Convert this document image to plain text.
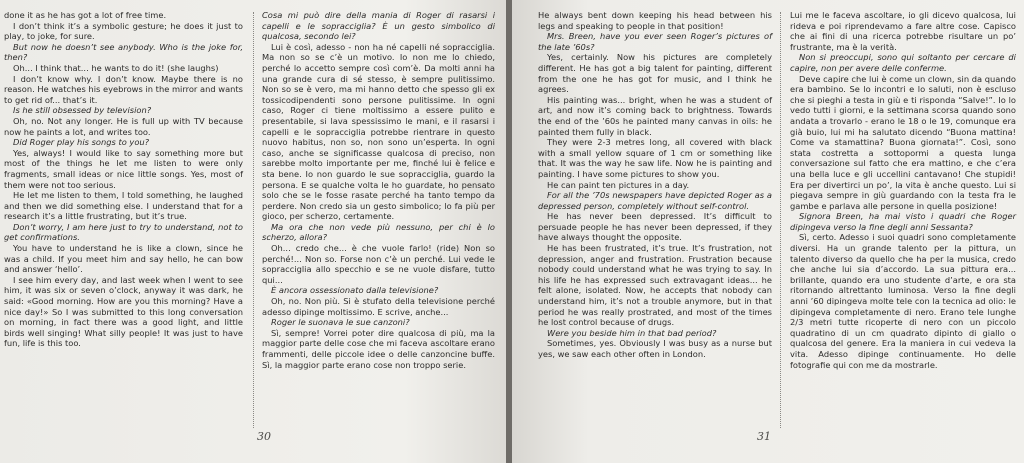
done it as he has got a lot of free time.

I don’t think it’s a symbolic gesture; he does it just to play, to joke, for sure.

But now he doesn’t see anybody. Who is the joke for, then?

Oh... I think that... he wants to do it! (she laughs)

I don’t know why. I don’t know. Maybe there is no reason. He watches his eyebrows in the mirror and wants to get rid of... that’s it.

Is he still obsessed by television?

Oh, no. Not any longer. He is full up with TV because now he paints a lot, and writes too.

Did Roger play his songs to you?

Yes, always! I would like to say something more but most of the things he let me listen to were only fragments, small ideas or nice little songs. Yes, most of them were not too serious.

He let me listen to them, I told something, he laughed and then we did something else. I understand that for a research it’s a little frustrating, but it’s true.

Don’t worry, I am here just to try to understand, not to get confirmations.

You have to understand he is like a clown, since he was a child. If you meet him and say hello, he can bow and answer ‘hello’.

I see him every day, and last week when I went to see him, it was six or seven o’clock, anyway it was dark, he said: «Good morning. How are you this morning? Have a nice day!» So I was submitted to this long conversation on morning, in fact there was a good light, and little birds well singing! What silly people! It was just to have fun, life is this too.

Cosa mi può dire della mania di Roger di rasarsi i capelli e le sopracciglia? È un gesto simbolico di qualcosa, secondo lei?

Lui è così, adesso - non ha né capelli né sopracciglia. Ma non so se c’è un motivo. Io non me lo chiedo, perché lo accetto sempre così com’è. Da molti anni ha una grande cura di sé stesso, è sempre pulitissimo. Non so se è vero, ma mi hanno detto che spesso gli ex tossicodipendenti sono persone pulitissime. In ogni caso, Roger ci tiene moltissimo a essere pulito e presentabile, si lava spessissimo le mani, e il rasarsi i capelli e le sopracciglia potrebbe rientrare in questo nuovo habitus, non so, non sono un’esperta. In ogni caso, anche se significasse qualcosa di preciso, non sarebbe molto importante per me, finché lui è felice e sta bene. Io non guardo le sue sopracciglia, guardo la persona. E se qualche volta le ho guardate, ho pensato solo che se le fosse rasate perché ha tanto tempo da perdere. Non credo sia un gesto simbolico; lo fa più per gioco, per scherzo, certamente.

Ma ora che non vede più nessuno, per chi è lo scherzo, allora?

Oh... credo che... è che vuole farlo! (ride) Non so perché!... Non so. Forse non c’è un perché. Lui vede le sopracciglia allo specchio e se ne vuole disfare, tutto qui...

È ancora ossessionato dalla televisione?

Oh, no. Non più. Si è stufato della televisione perché adesso dipinge moltissimo. E scrive, anche...

Roger le suonava le sue canzoni?

Sì, sempre! Vorrei poter dire qualcosa di più, ma la maggior parte delle cose che mi faceva ascoltare erano frammenti, delle piccole idee o delle canzoncine buffe. Sì, la maggior parte erano cose non troppo serie.

30

He always bent down keeping his head between his legs and speaking to people in that position!

Mrs. Breen, have you ever seen Roger’s pictures of the late ’60s?

Yes, certainly. Now his pictures are completely different. He has got a big talent for painting, different from the one he has got for music, and I think he agrees.

His painting was... bright, when he was a student of art, and now it’s coming back to brightness. Towards the end of the ’60s he painted many canvas in oils: he painted them fully in black.

They were 2-3 metres long, all covered with black with a small yellow square of 1 cm or something like that. It was the way he saw life. Now he is painting and painting. I have some pictures to show you.

He can paint ten pictures in a day.

For all the ’70s newspapers have depicted Roger as a depressed person, completely without self-control.

He has never been depressed. It’s difficult to persuade people he has never been depressed, if they have always thought the opposite.

He has been frustrated, it’s true. It’s frustration, not depression, anger and frustration. Frustration because nobody could understand what he was trying to say. In his life he has expressed such extravagant ideas... he felt alone, isolated. Now, he accepts that nobody can understand him, it’s not a trouble anymore, but in that period he was really prostrated, and most of the times he lost control because of drugs.

Were you beside him in that bad period?

Sometimes, yes. Obviously I was busy as a nurse but yes, we saw each other often in London.

Lui me le faceva ascoltare, io gli dicevo qualcosa, lui rideva e poi riprendevamo a fare altre cose. Capisco che ai fini di una ricerca potrebbe risultare un po’ frustrante, ma è la verità.

Non si preoccupi, sono qui soltanto per cercare di capire, non per avere delle conferme.

Deve capire che lui è come un clown, sin da quando era bambino. Se lo incontri e lo saluti, non è escluso che si pieghi a testa in giù e ti risponda “Salve!”. Io lo vedo tutti i giorni, e la settimana scorsa quando sono andata a trovarlo - erano le 18 o le 19, comunque era già buio, lui mi ha salutato dicendo “Buona mattina! Come va stamattina? Buona giornata!”. Così, sono stata costretta a sottopormi a questa lunga conversazione sul fatto che era mattino, e che c’era una bella luce e gli uccellini cantavano! Che stupidi! Era per divertirci un po’, la vita è anche questo. Lui si piegava sempre in giù guardando con la testa fra le gambe e parlava alle persone in quella posizione!

Signora Breen, ha mai visto i quadri che Roger dipingeva verso la fine degli anni Sessanta?

Sì, certo. Adesso i suoi quadri sono completamente diversi. Ha un grande talento per la pittura, un talento diverso da quello che ha per la musica, credo che anche lui sia d’accordo. La sua pittura era... brillante, quando era uno studente d’arte, e ora sta ritornando altrettanto luminosa. Verso la fine degli anni ’60 dipingeva molte tele con la tecnica ad olio: le dipingeva completamente di nero. Erano tele lunghe 2/3 metri tutte ricoperte di nero con un piccolo quadratino di un cm quadrato dipinto di giallo o qualcosa del genere. Era la maniera in cui vedeva la vita. Adesso dipinge continuamente. Ho delle fotografie qui con me da mostrarle.

31
